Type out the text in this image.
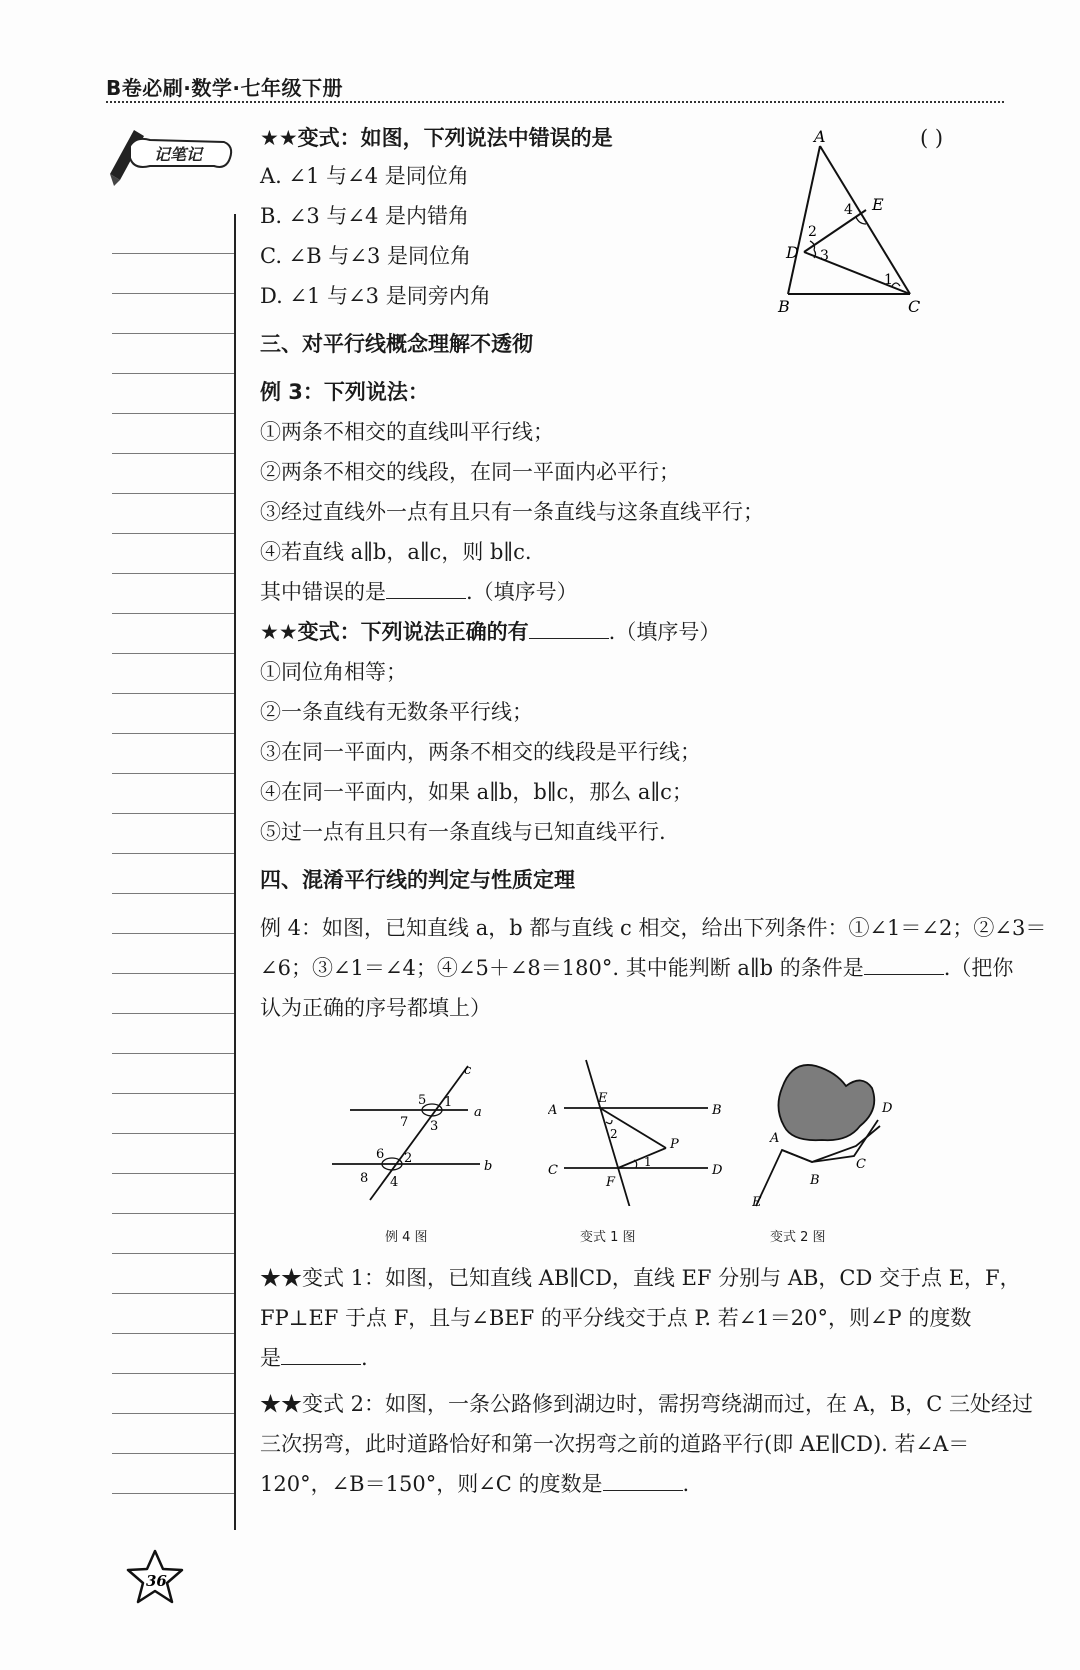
B卷必刷·数学·七年级下册
记笔记
★★变式：如图，下列说法中错误的是	( )
A. ∠1 与∠4 是同位角
B. ∠3 与∠4 是内错角
C. ∠B 与∠3 是同位角
D. ∠1 与∠3 是同旁内角
三、对平行线概念理解不透彻
例 3：下列说法：
①两条不相交的直线叫平行线；
②两条不相交的线段，在同一平面内必平行；
③经过直线外一点有且只有一条直线与这条直线平行；
④若直线 a∥b，a∥c，则 b∥c.
其中错误的是	.（填序号）
★★变式：下列说法正确的有	.（填序号）
①同位角相等；
②一条直线有无数条平行线；
③在同一平面内，两条不相交的线段是平行线；
④在同一平面内，如果 a∥b，b∥c，那么 a∥c；
⑤过一点有且只有一条直线与已知直线平行.
四、混淆平行线的判定与性质定理
例 4：如图，已知直线 a，b 都与直线 c 相交，给出下列条件：①∠1＝∠2；②∠3＝
∠6；③∠1＝∠4；④∠5＋∠8＝180°. 其中能判断 a∥b 的条件是	.（把你
认为正确的序号都填上）
例 4 图	变式 1 图	变式 2 图
★★变式 1：如图，已知直线 AB∥CD，直线 EF 分别与 AB，CD 交于点 E，F，
FP⊥EF 于点 F，且与∠BEF 的平分线交于点 P. 若∠1＝20°，则∠P 的度数
是	.
★★变式 2：如图，一条公路修到湖边时，需拐弯绕湖而过，在 A，B，C 三处经过
三次拐弯，此时道路恰好和第一次拐弯之前的道路平行(即 AE∥CD). 若∠A＝
120°，∠B＝150°，则∠C 的度数是	.
A
E
D
B	C
4
2
3
1
c
a
b
5 1
7 3
6 2
8 4
A
E
B
P
C	D
F
2
1
A
B
C
D
E
36
